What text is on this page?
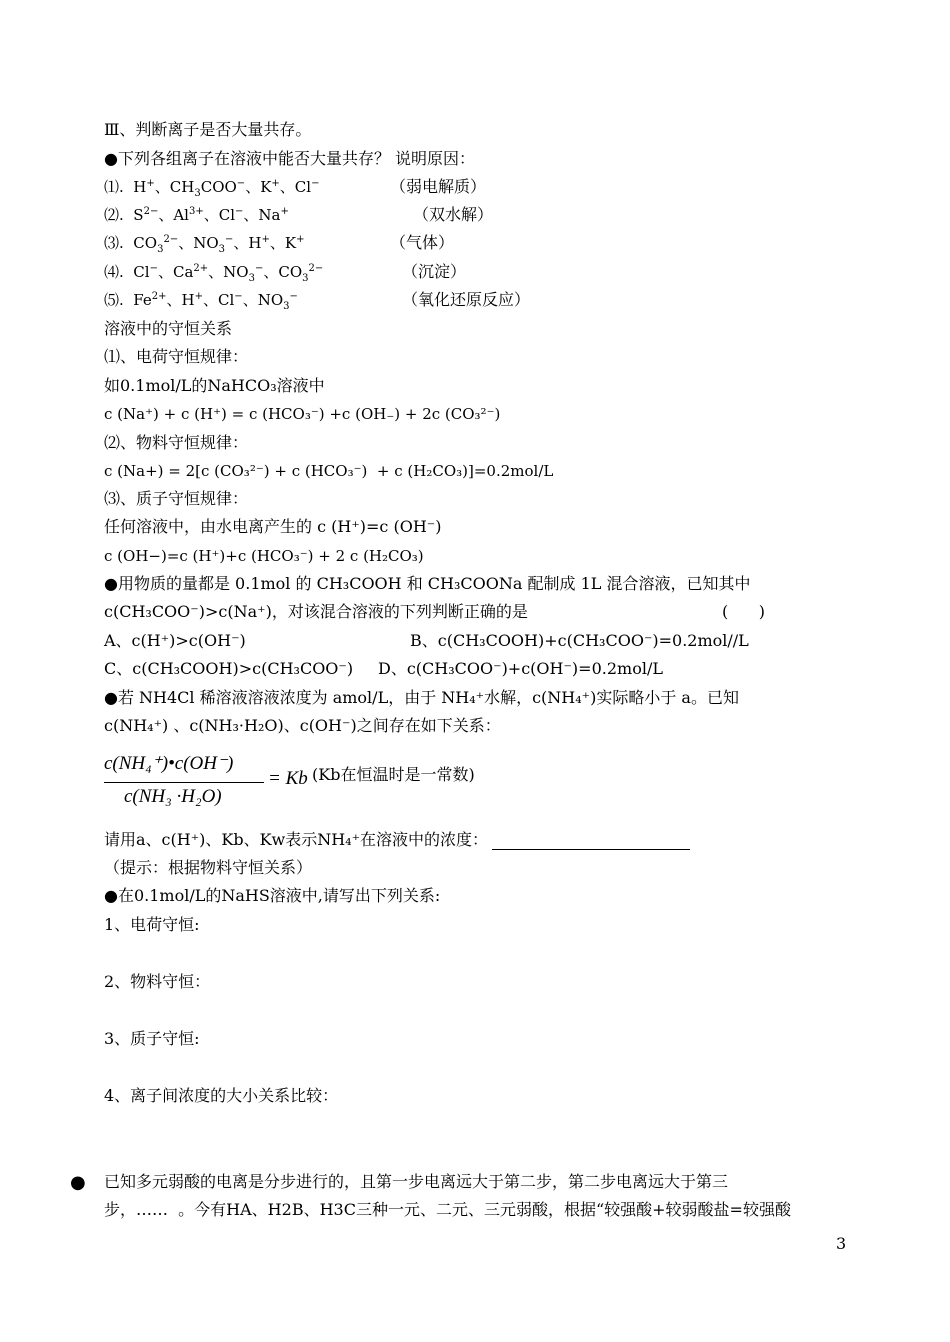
Ⅲ、判断离子是否大量共存。
●下列各组离子在溶液中能否大量共存？ 说明原因：
⑴.  H+、$CH_3COO^-$、K+、Cl−	（弱电解质）
⑵.  $S^{2-}$、$Al^{3+}$、Cl−、Na+	（双水解）
⑶.  $CO_3^{2-}$、$NO_3^-$、H+、K+	（气体）
⑷.  Cl−、$Ca^{2+}$、$NO_3^-$、$CO_3^{2-}$	（沉淀）
⑸.  $Fe^{2+}$、H+、Cl−、$NO_3^-$	（氧化还原反应）
溶液中的守恒关系
⑴、电荷守恒规律：
如0.1mol/L的NaHCO₃溶液中
c (Na⁺) + c (H⁺) = c (HCO₃⁻) +c (OH₋) + 2c (CO₃²⁻)
⑵、物料守恒规律：
c (Na+) = 2[c (CO₃²⁻) + c (HCO₃⁻)  + c (H₂CO₃)]=0.2mol/L
⑶、质子守恒规律：
任何溶液中，由水电离产生的 c (H⁺)=c (OH⁻)
c (OH−)=c (H⁺)+c (HCO₃⁻) + 2 c (H₂CO₃)
●用物质的量都是 0.1mol 的 CH₃COOH 和 CH₃COONa 配制成 1L 混合溶液，已知其中
c(CH₃COO⁻)>c(Na⁺)，对该混合溶液的下列判断正确的是	(      )
A、c(H⁺)>c(OH⁻)	B、c(CH₃COOH)+c(CH₃COO⁻)=0.2mol//L
C、c(CH₃COOH)>c(CH₃COO⁻) D、c(CH₃COO⁻)+c(OH⁻)=0.2mol/L
●若 NH4Cl 稀溶液溶液浓度为 amol/L，由于 NH₄⁺水解，c(NH₄⁺)实际略小于 a。已知
c(NH₄⁺) 、c(NH₃·H₂O)、c(OH⁻)之间存在如下关系：
c(NH₄⁺)•c(OH⁻)
c(NH₃ ·H₂O)
= Kb (Kb在恒温时是一常数)
请用a、c(H⁺)、Kb、Kw表示NH₄⁺在溶液中的浓度：
（提示：根据物料守恒关系）
●在0.1mol/L的NaHS溶液中,请写出下列关系:
1、电荷守恒:
2、物料守恒：
3、质子守恒:
4、离子间浓度的大小关系比较：
● 已知多元弱酸的电离是分步进行的，且第一步电离远大于第二步，第二步电离远大于第三
步，……  。今有HA、H2B、H3C三种一元、二元、三元弱酸，根据“较强酸+较弱酸盐=较强酸
3
